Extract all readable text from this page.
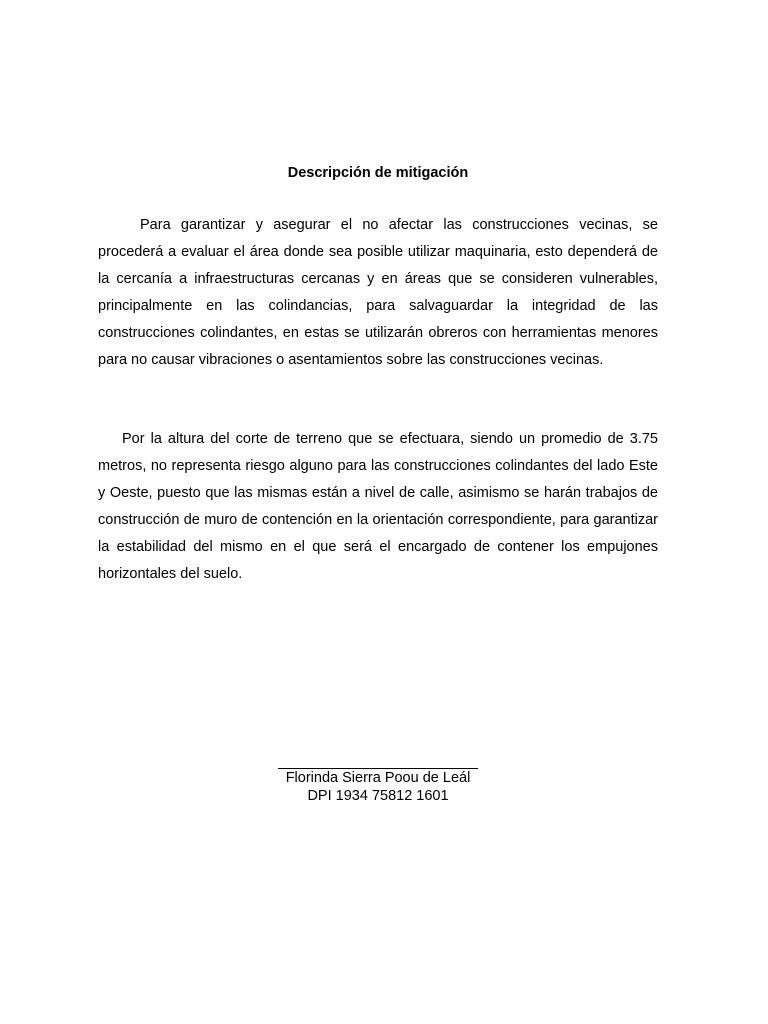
Descripción de mitigación

Para garantizar y asegurar el no afectar las construcciones vecinas, se procederá a evaluar el área donde sea posible utilizar maquinaria, esto dependerá de la cercanía a infraestructuras cercanas y en áreas que se consideren vulnerables, principalmente en las colindancias, para salvaguardar la integridad de las construcciones colindantes, en estas se utilizarán obreros con herramientas menores para no causar vibraciones o asentamientos sobre las construcciones vecinas.

Por la altura del corte de terreno que se efectuara, siendo un promedio de 3.75 metros, no representa riesgo alguno para las construcciones colindantes del lado Este y Oeste, puesto que las mismas están a nivel de calle, asimismo se harán trabajos de construcción de muro de contención en la orientación correspondiente, para garantizar la estabilidad del mismo en el que será el encargado de contener los empujones horizontales del suelo.

Florinda Sierra Poou de Leál
DPI 1934 75812 1601
